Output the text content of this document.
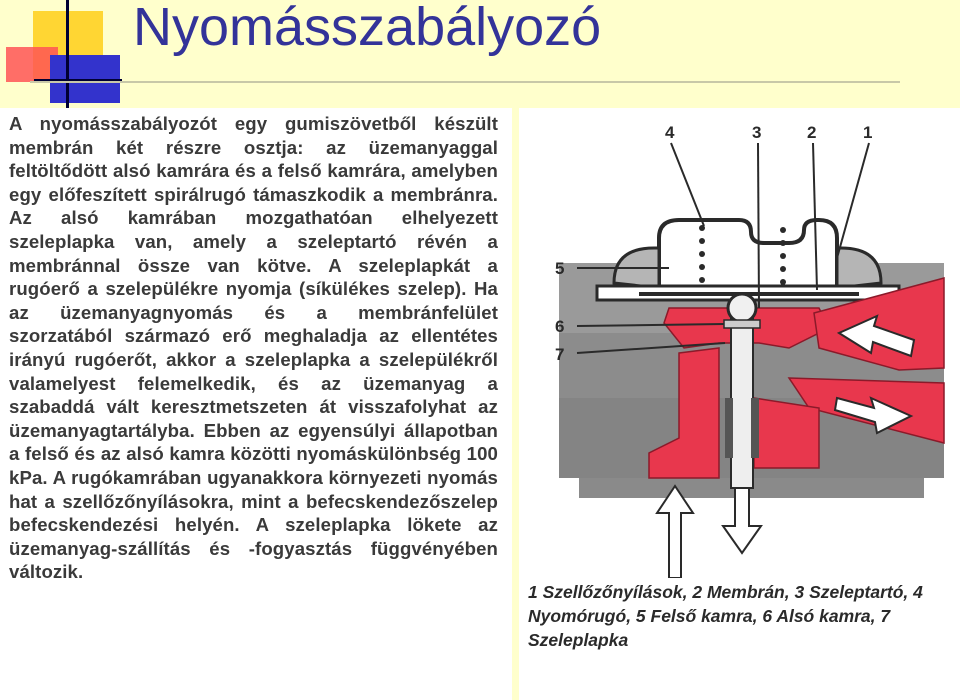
Nyomásszabályozó

A nyomásszabályozót egy gumiszövetből készült membrán két részre osztja: az üzemanyaggal feltöltődött alsó kamrára és a felső kamrára, amelyben egy előfeszített spirálrugó támaszkodik a membránra. Az alsó kamrában mozgathatóan elhelyezett szeleplapka van, amely a szeleptartó révén a membránnal össze van kötve. A szeleplapkát a rugóerő a szelepülékre nyomja (síkülékes szelep). Ha az üzemanyagnyomás és a membránfelület szorzatából származó erő meghaladja az ellentétes irányú rugóerőt, akkor a szeleplapka a szelepülékről valamelyest felemelkedik, és az üzemanyag a szabaddá vált keresztmetszeten át visszafolyhat az üzemanyagtartályba. Ebben az egyensúlyi állapotban a felső és az alsó kamra közötti nyomáskülönbség 100 kPa. A rugókamrában ugyanakkora környezeti nyomás hat a szellőzőnyílásokra, mint a befecskendezőszelep befecskendezési helyén. A szeleplapka lökete az üzemanyag-szállítás és -fogyasztás függvényében változik.

4	3	2	1
5
6
7

1 Szellőzőnyílások, 2 Membrán, 3 Szeleptartó, 4 Nyomórugó, 5 Felső kamra, 6 Alsó kamra, 7 Szeleplapka
